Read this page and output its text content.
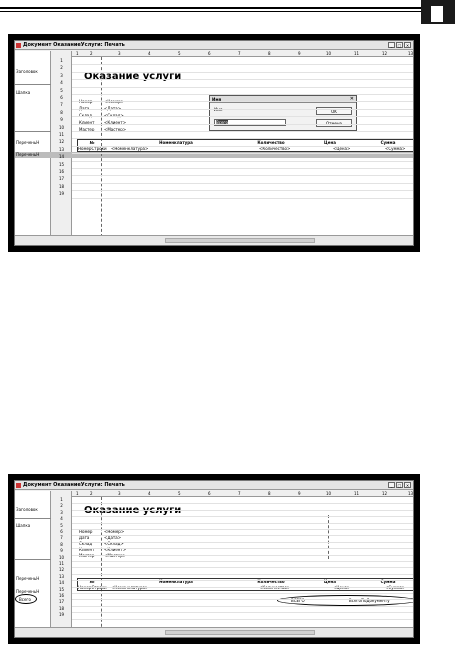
Документ ОказаниеУслуги: Печать	_	□	✕
1	2	3	4	5	6	7	8	9	10	11	12	13
Заголовок
Шапка
ПереченьН
ПереченьН
Оказание услуги
Номер	<Номер>
Дата	<Дата>
Склад	<Склад>
Клиент <Клиент>
Мастер <Мастер>
№	Номенклатура	Количество	Цена	Сумма
НомерСтроки <Номенклатура>	<Количество>	<Цена>	<Сумма>
Имя	✕
Имя
Всего
OK
Отмена
1
2
3
4
5
6
7
8
9
10
11
12
13
14
15
16
17
18
19
Документ ОказаниеУслуги: Печать	_	□	✕
1	2	3	4	5	6	7	8	9	10	11	12	13
Заголовок
Шапка
ПереченьН
ПереченьН
Всего
Оказание услуги
Номер	<Номер>
Дата	<Дата>
Склад	<Склад>
Клиент <Клиент>
Мастер <Мастер>
№	Номенклатура	Количество	Цена	Сумма
НомерСтроки <Номенклатура>	<Количество>	<Цена>	<Сумма>
ВСЕГО	ВсегоПоДокументу
1
2
3
4
5
6
7
8
9
10
11
12
13
14
15
16
17
18
19
